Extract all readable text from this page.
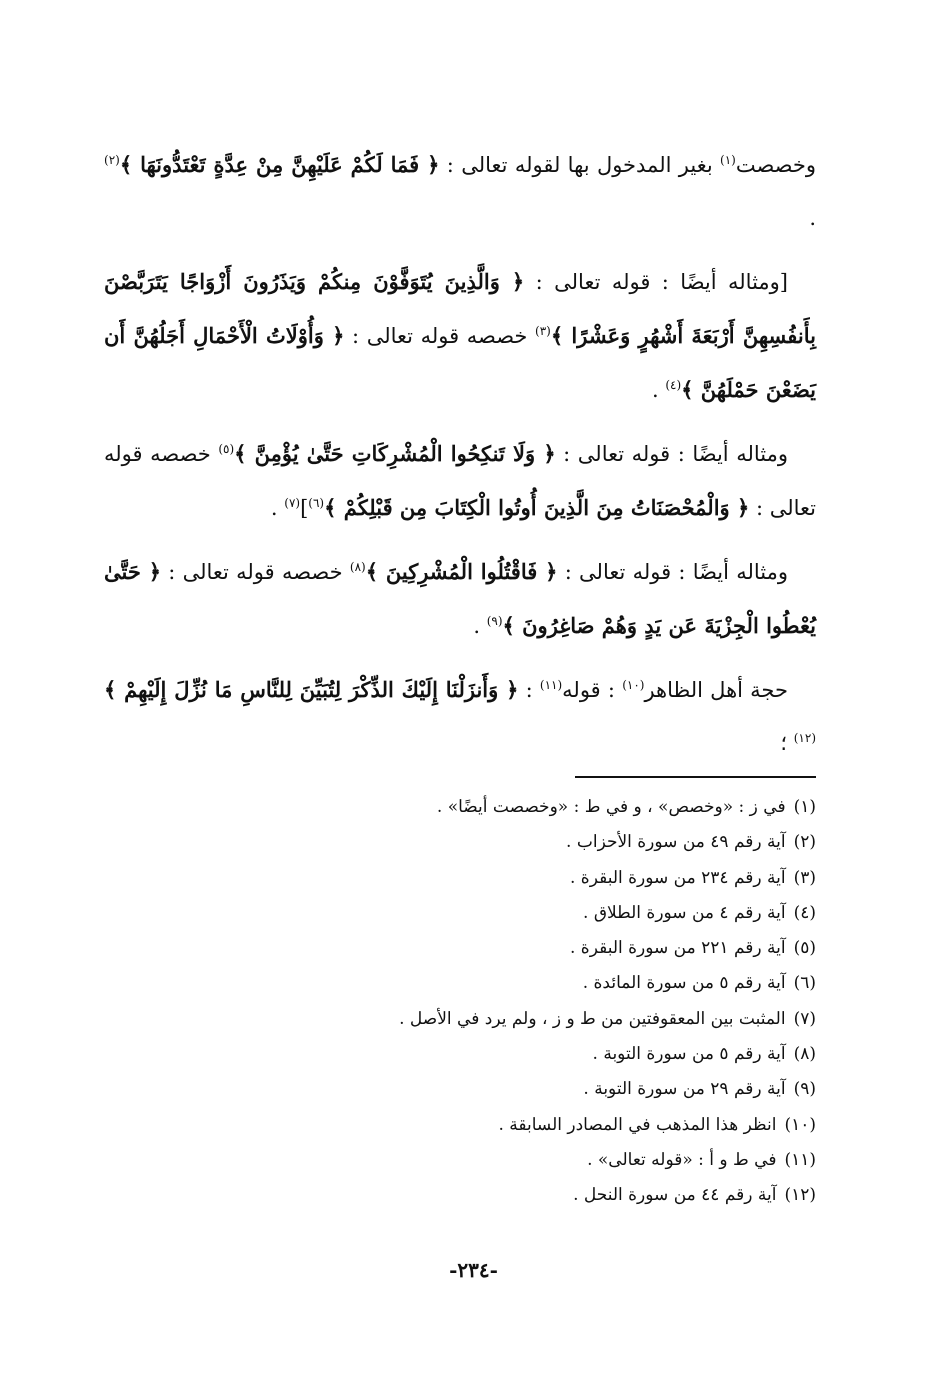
وخصصت$^{(١)}$ بغير المدخول بها لقوله تعالى : ﴿ فَمَا لَكُمْ عَلَيْهِنَّ مِنْ عِدَّةٍ تَعْتَدُّونَهَا ﴾$^{(٢)}$ .

[ومثاله أيضًا : قوله تعالى : ﴿ وَالَّذِينَ يُتَوَفَّوْنَ مِنكُمْ وَيَذَرُونَ أَزْوَاجًا يَتَرَبَّصْنَ بِأَنفُسِهِنَّ أَرْبَعَةَ أَشْهُرٍ وَعَشْرًا ﴾$^{(٣)}$ خصصه قوله تعالى : ﴿ وَأُوْلَاتُ الْأَحْمَالِ أَجَلُهُنَّ أَن يَضَعْنَ حَمْلَهُنَّ ﴾$^{(٤)}$ .

ومثاله أيضًا : قوله تعالى : ﴿ وَلَا تَنكِحُوا الْمُشْرِكَاتِ حَتَّىٰ يُؤْمِنَّ ﴾$^{(٥)}$ خصصه قوله تعالى : ﴿ وَالْمُحْصَنَاتُ مِنَ الَّذِينَ أُوتُوا الْكِتَابَ مِن قَبْلِكُمْ ﴾$^{(٦)}$]$^{(٧)}$ .

ومثاله أيضًا : قوله تعالى : ﴿ فَاقْتُلُوا الْمُشْرِكِينَ ﴾$^{(٨)}$ خصصه قوله تعالى : ﴿ حَتَّىٰ يُعْطُوا الْجِزْيَةَ عَن يَدٍ وَهُمْ صَاغِرُونَ ﴾$^{(٩)}$ .

حجة أهل الظاهر$^{(١٠)}$ : قوله$^{(١١)}$ : ﴿ وَأَنزَلْنَا إِلَيْكَ الذِّكْرَ لِتُبَيِّنَ لِلنَّاسِ مَا نُزِّلَ إِلَيْهِمْ ﴾$^{(١٢)}$ ؛

(١)في ز : «وخصص» ، و في ط : «وخصصت أيضًا» .
(٢)آية رقم ٤٩ من سورة الأحزاب .
(٣)آية رقم ٢٣٤ من سورة البقرة .
(٤)آية رقم ٤ من سورة الطلاق .
(٥)آية رقم ٢٢١ من سورة البقرة .
(٦)آية رقم ٥ من سورة المائدة .
(٧)المثبت بين المعقوفتين من ط و ز ، ولم يرد في الأصل .
(٨)آية رقم ٥ من سورة التوبة .
(٩)آية رقم ٢٩ من سورة التوبة .
(١٠)انظر هذا المذهب في المصادر السابقة .
(١١)في ط و أ : «قوله تعالى» .
(١٢)آية رقم ٤٤ من سورة النحل .
-٢٣٤-
